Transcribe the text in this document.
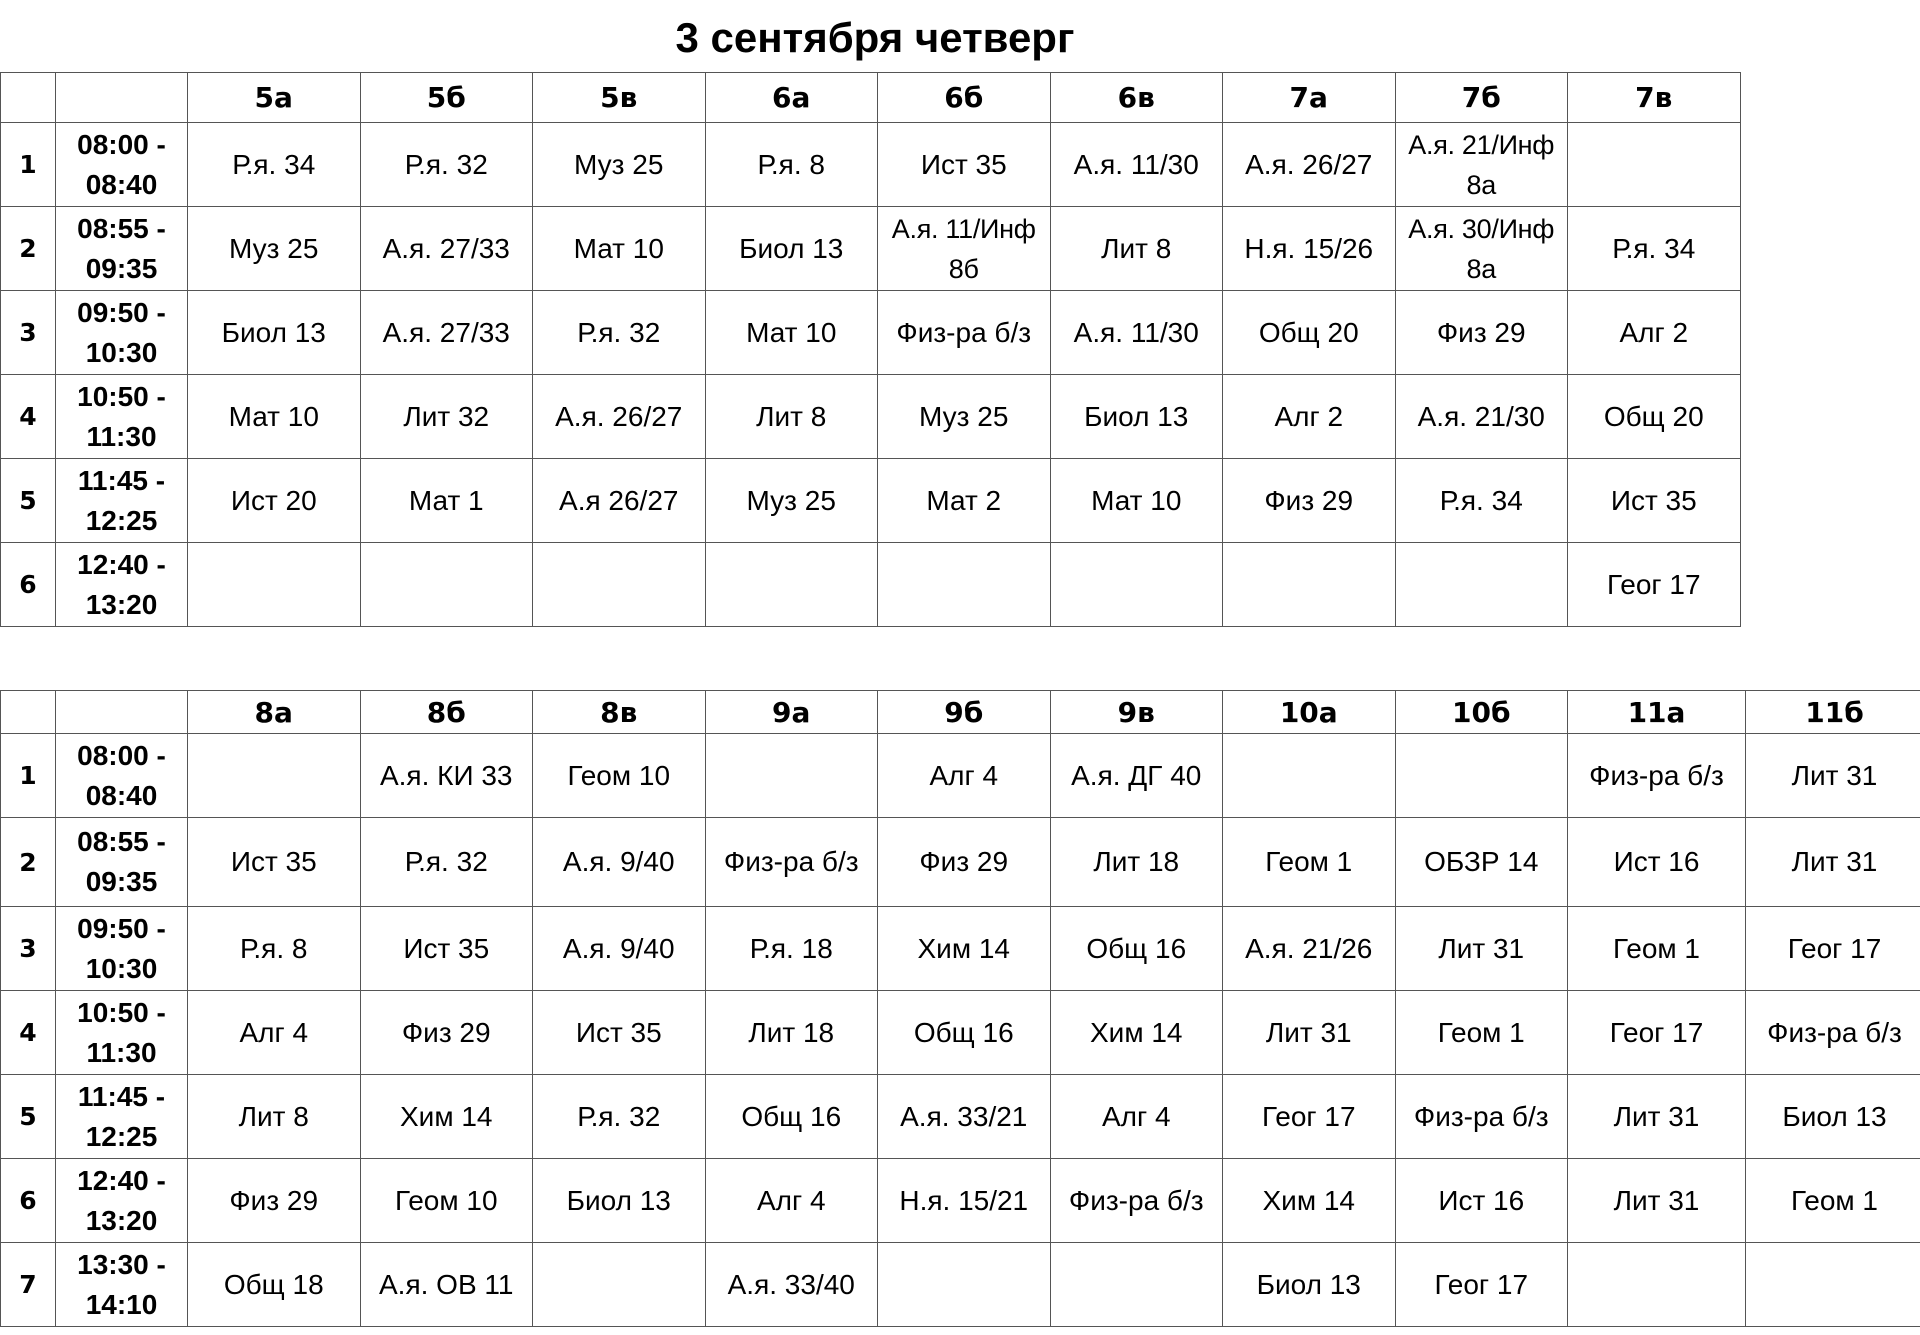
3 сентября четверг
		5а	5б	5в	6а	6б	6в	7а	7б	7в
1	08:00 - 08:40	Р.я. 34	Р.я. 32	Муз 25	Р.я. 8	Ист 35	А.я. 11/30	А.я. 26/27	А.я. 21/Инф 8а	
2	08:55 - 09:35	Муз 25	А.я. 27/33	Мат 10	Биол 13	А.я. 11/Инф 8б	Лит 8	Н.я. 15/26	А.я. 30/Инф 8а	Р.я. 34
3	09:50 - 10:30	Биол 13	А.я. 27/33	Р.я. 32	Мат 10	Физ-ра б/з	А.я. 11/30	Общ 20	Физ 29	Алг 2
4	10:50 - 11:30	Мат 10	Лит 32	А.я. 26/27	Лит 8	Муз 25	Биол 13	Алг 2	А.я. 21/30	Общ 20
5	11:45 - 12:25	Ист 20	Мат 1	А.я 26/27	Муз 25	Мат 2	Мат 10	Физ 29	Р.я. 34	Ист 35
6	12:40 - 13:20									Геог 17
		8а	8б	8в	9а	9б	9в	10а	10б	11а	11б
1	08:00 - 08:40		А.я. КИ 33	Геом 10		Алг 4	А.я. ДГ 40			Физ-ра б/з	Лит 31
2	08:55 - 09:35	Ист 35	Р.я. 32	А.я. 9/40	Физ-ра б/з	Физ 29	Лит 18	Геом 1	ОБЗР 14	Ист 16	Лит 31
3	09:50 - 10:30	Р.я. 8	Ист 35	А.я. 9/40	Р.я. 18	Хим 14	Общ 16	А.я. 21/26	Лит 31	Геом 1	Геог 17
4	10:50 - 11:30	Алг 4	Физ 29	Ист 35	Лит 18	Общ 16	Хим 14	Лит 31	Геом 1	Геог 17	Физ-ра б/з
5	11:45 - 12:25	Лит 8	Хим 14	Р.я. 32	Общ 16	А.я. 33/21	Алг 4	Геог 17	Физ-ра б/з	Лит 31	Биол 13
6	12:40 - 13:20	Физ 29	Геом 10	Биол 13	Алг 4	Н.я. 15/21	Физ-ра б/з	Хим 14	Ист 16	Лит 31	Геом 1
7	13:30 - 14:10	Общ 18	А.я. ОВ 11		А.я. 33/40			Биол 13	Геог 17		
